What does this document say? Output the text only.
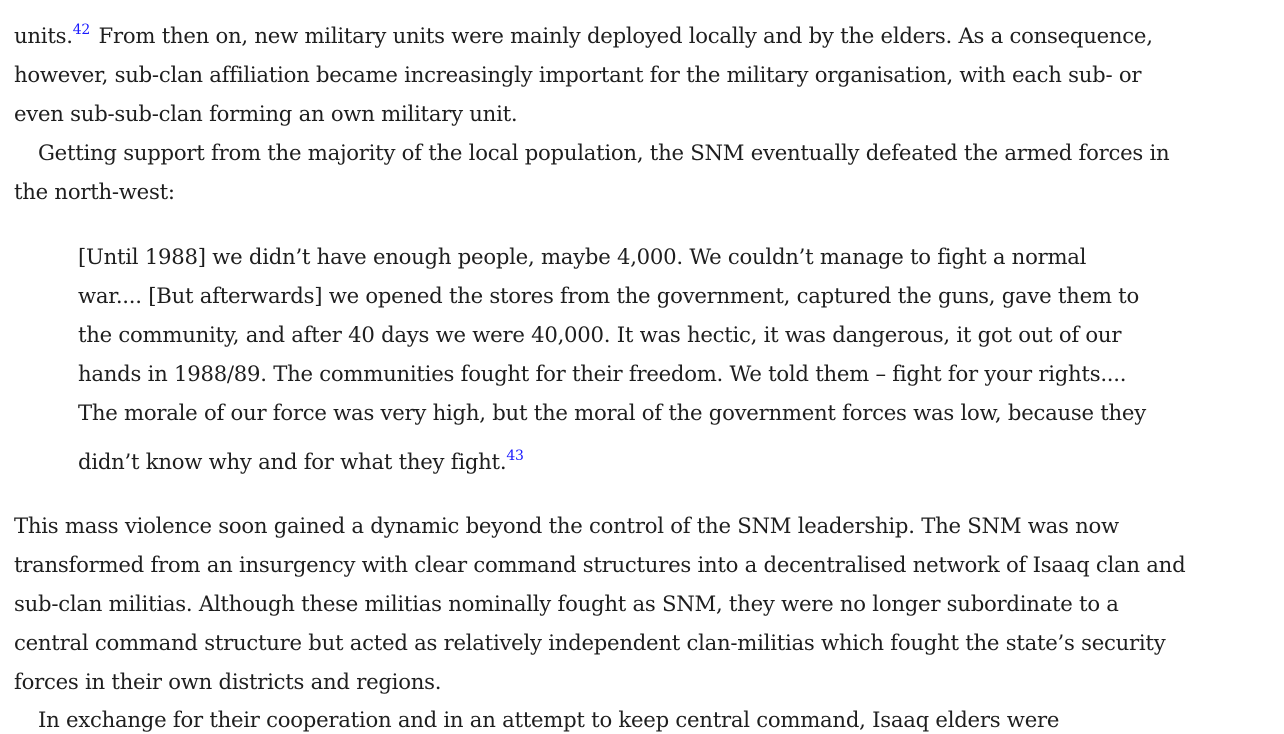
units.$^{42}$ From then on, new military units were mainly deployed locally and by the elders. As a consequence,
however, sub-clan affiliation became increasingly important for the military organisation, with each sub- or
even sub-sub-clan forming an own military unit.
Getting support from the majority of the local population, the SNM eventually defeated the armed forces in
the north-west:
[Until 1988] we didn’t have enough people, maybe 4,000. We couldn’t manage to fight a normal
war.... [But afterwards] we opened the stores from the government, captured the guns, gave them to
the community, and after 40 days we were 40,000. It was hectic, it was dangerous, it got out of our
hands in 1988/89. The communities fought for their freedom. We told them – fight for your rights....
The morale of our force was very high, but the moral of the government forces was low, because they
didn’t know why and for what they fight.$^{43}$
This mass violence soon gained a dynamic beyond the control of the SNM leadership. The SNM was now
transformed from an insurgency with clear command structures into a decentralised network of Isaaq clan and
sub-clan militias. Although these militias nominally fought as SNM, they were no longer subordinate to a
central command structure but acted as relatively independent clan-militias which fought the state’s security
forces in their own districts and regions.
In exchange for their cooperation and in an attempt to keep central command, Isaaq elders were
